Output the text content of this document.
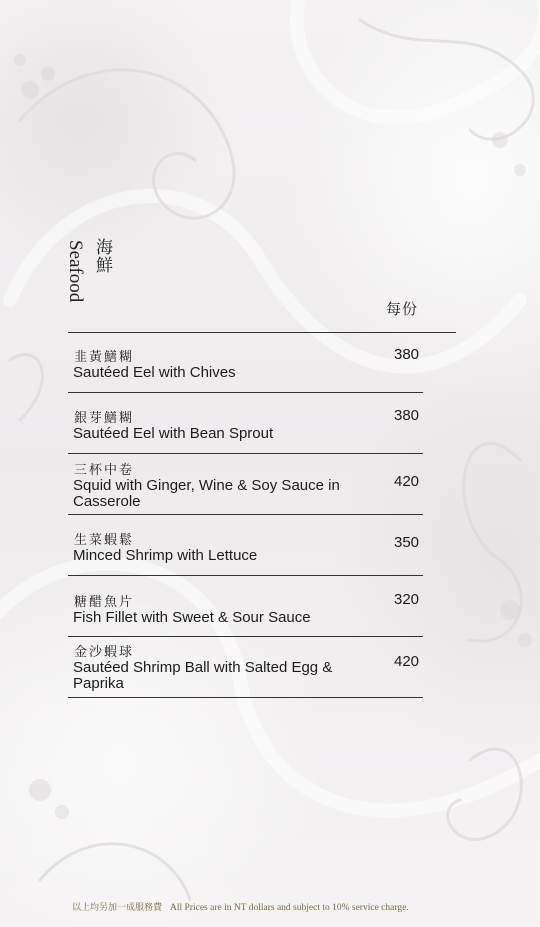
海鮮
Seafood
每份
韭黃鱔糊
Sautéed Eel with Chives
380
銀芽鱔糊
Sautéed Eel with Bean Sprout
380
三杯中卷
Squid with Ginger, Wine & Soy Sauce in Casserole
420
生菜蝦鬆
Minced Shrimp with Lettuce
350
糖醋魚片
Fish Fillet with Sweet & Sour Sauce
320
金沙蝦球
Sautéed Shrimp Ball with Salted Egg & Paprika
420
以上均另加一成服務費 All Prices are in NT dollars and subject to 10% service charge.
